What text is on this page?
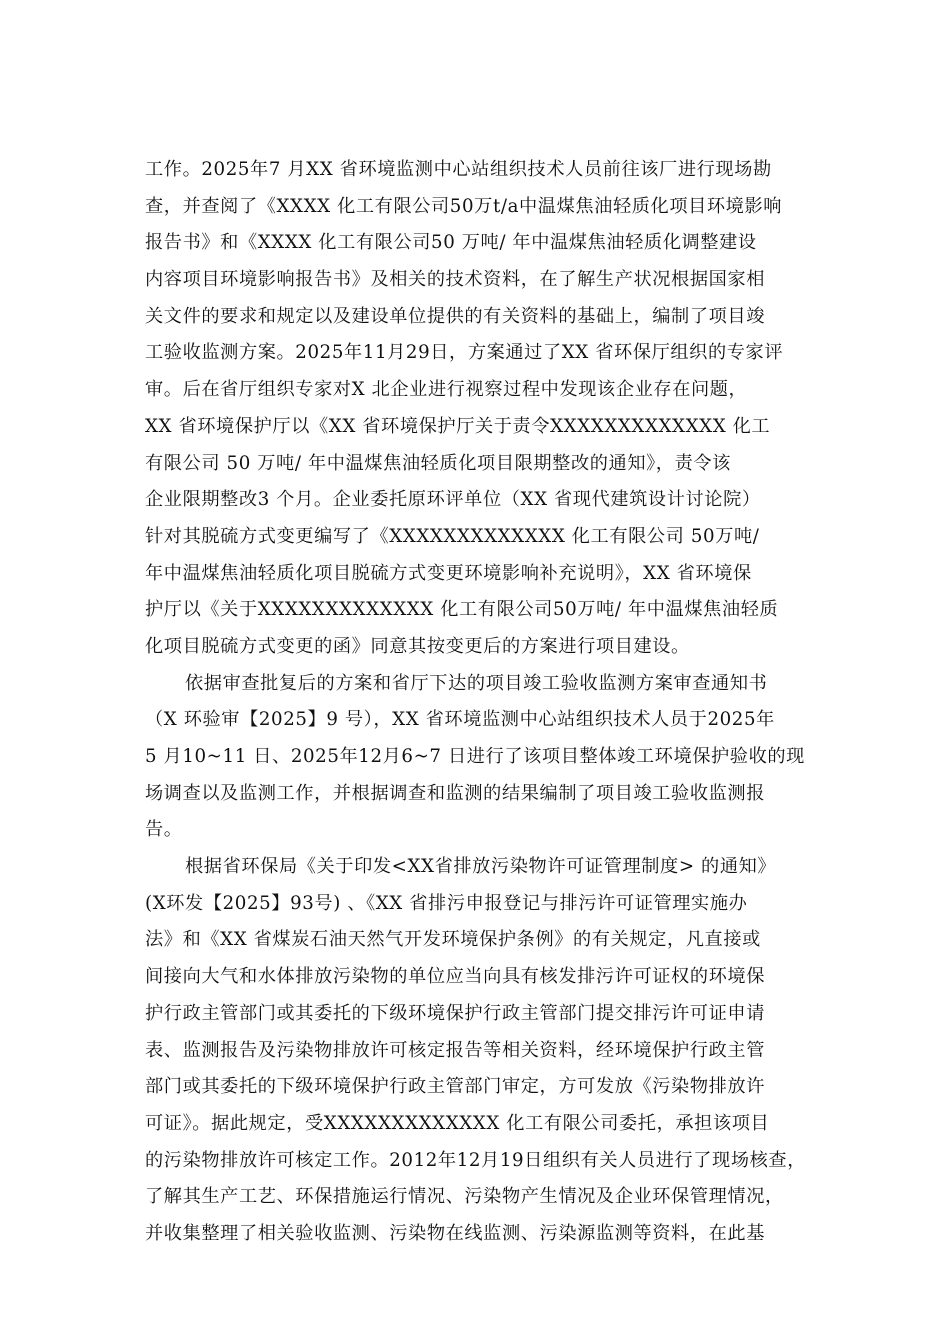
工作。2025年7 月XX 省环境监测中心站组织技术人员前往该厂进行现场勘
查，并查阅了《XXXX 化工有限公司50万t/a中温煤焦油轻质化项目环境影响
报告书》和《XXXX 化工有限公司50 万吨/ 年中温煤焦油轻质化调整建设
内容项目环境影响报告书》及相关的技术资料，在了解生产状况根据国家相
关文件的要求和规定以及建设单位提供的有关资料的基础上，编制了项目竣
工验收监测方案。2025年11月29日，方案通过了XX 省环保厅组织的专家评
审。后在省厅组织专家对X 北企业进行视察过程中发现该企业存在问题，
XX 省环境保护厅以《XX 省环境保护厅关于责令XXXXXXXXXXXXX 化工
有限公司 50 万吨/ 年中温煤焦油轻质化项目限期整改的通知》，责令该
企业限期整改3 个月。企业委托原环评单位（XX 省现代建筑设计讨论院）
针对其脱硫方式变更编写了《XXXXXXXXXXXXX 化工有限公司 50万吨/
年中温煤焦油轻质化项目脱硫方式变更环境影响补充说明》，XX 省环境保
护厅以《关于XXXXXXXXXXXXX 化工有限公司50万吨/ 年中温煤焦油轻质
化项目脱硫方式变更的函》同意其按变更后的方案进行项目建设。
依据审查批复后的方案和省厅下达的项目竣工验收监测方案审查通知书
（X 环验审【2025】9 号），XX 省环境监测中心站组织技术人员于2025年
5 月10~11 日、2025年12月6~7 日进行了该项目整体竣工环境保护验收的现
场调查以及监测工作，并根据调查和监测的结果编制了项目竣工验收监测报
告。
根据省环保局《关于印发<XX省排放污染物许可证管理制度> 的通知》
(X环发【2025】93号) 、《XX 省排污申报登记与排污许可证管理实施办
法》和《XX 省煤炭石油天然气开发环境保护条例》的有关规定，凡直接或
间接向大气和水体排放污染物的单位应当向具有核发排污许可证权的环境保
护行政主管部门或其委托的下级环境保护行政主管部门提交排污许可证申请
表、监测报告及污染物排放许可核定报告等相关资料，经环境保护行政主管
部门或其委托的下级环境保护行政主管部门审定，方可发放《污染物排放许
可证》。据此规定，受XXXXXXXXXXXXX 化工有限公司委托，承担该项目
的污染物排放许可核定工作。2012年12月19日组织有关人员进行了现场核查，
了解其生产工艺、环保措施运行情况、污染物产生情况及企业环保管理情况，
并收集整理了相关验收监测、污染物在线监测、污染源监测等资料，在此基
